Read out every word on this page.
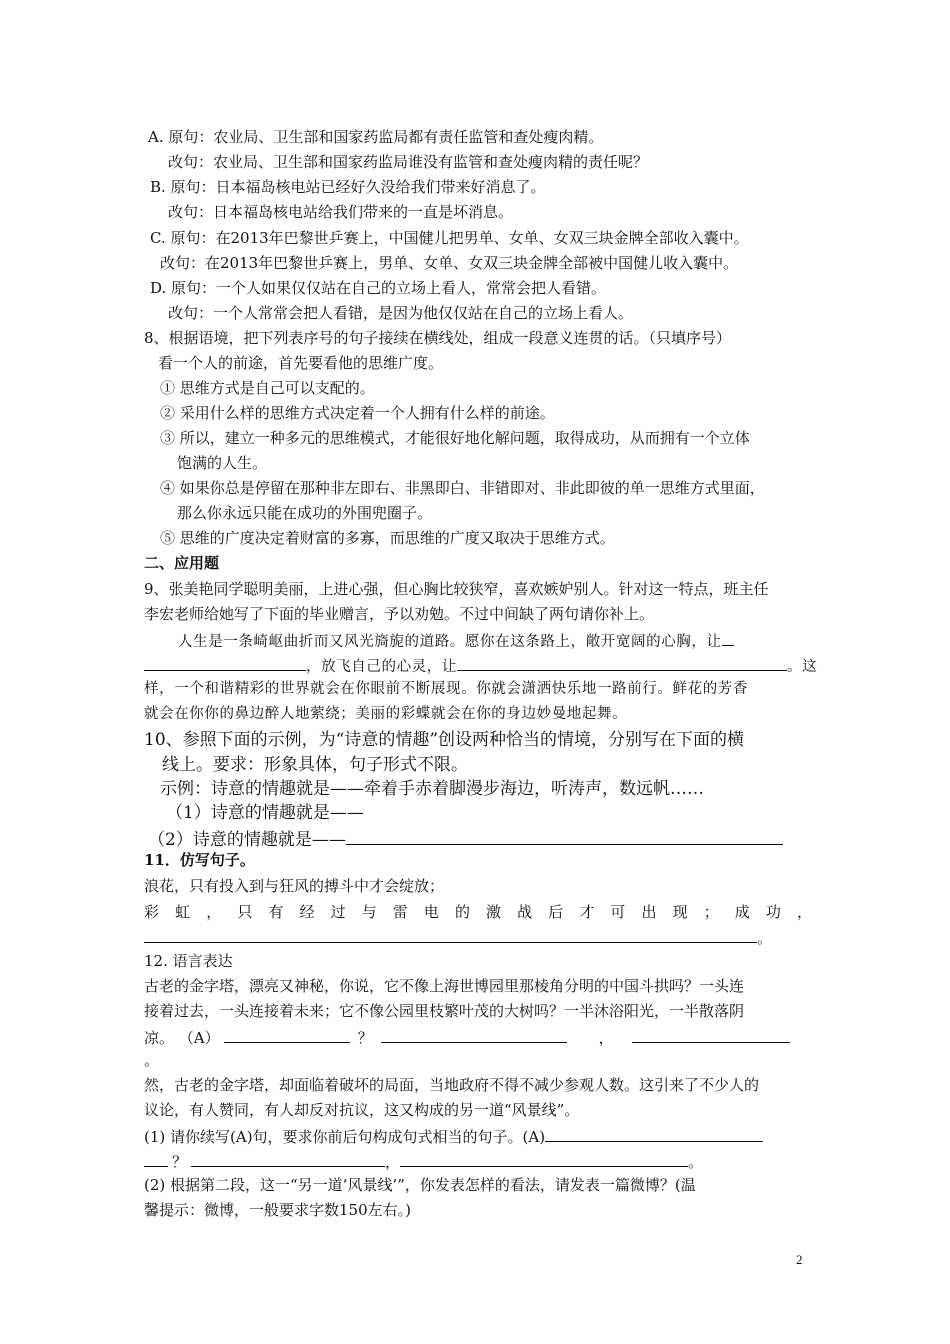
A. 原句：农业局、卫生部和国家药监局都有责任监管和查处瘦肉精。
改句：农业局、卫生部和国家药监局谁没有监管和查处瘦肉精的责任呢？
B. 原句：日本福岛核电站已经好久没给我们带来好消息了。
改句：日本福岛核电站给我们带来的一直是坏消息。
C. 原句：在2013年巴黎世乒赛上，中国健儿把男单、女单、女双三块金牌全部收入囊中。
改句：在2013年巴黎世乒赛上，男单、女单、女双三块金牌全部被中国健儿收入囊中。
D. 原句：一个人如果仅仅站在自己的立场上看人，常常会把人看错。
改句：一个人常常会把人看错，是因为他仅仅站在自己的立场上看人。
8、根据语境，把下列表序号的句子接续在横线处，组成一段意义连贯的话。（只填序号）
看一个人的前途，首先要看他的思维广度。
① 思维方式是自己可以支配的。
② 采用什么样的思维方式决定着一个人拥有什么样的前途。
③ 所以，建立一种多元的思维模式，才能很好地化解问题，取得成功，从而拥有一个立体
饱满的人生。
④ 如果你总是停留在那种非左即右、非黑即白、非错即对、非此即彼的单一思维方式里面，
那么你永远只能在成功的外围兜圈子。
⑤ 思维的广度决定着财富的多寡，而思维的广度又取决于思维方式。
二、应用题
9、张美艳同学聪明美丽，上进心强，但心胸比较狭窄，喜欢嫉妒别人。针对这一特点，班主任
李宏老师给她写了下面的毕业赠言，予以劝勉。不过中间缺了两句请你补上。
人生是一条崎岖曲折而又风光旖旎的道路。愿你在这条路上，敞开宽阔的心胸，让
，放飞自己的心灵，让	。这
样，一个和谐精彩的世界就会在你眼前不断展现。你就会潇洒快乐地一路前行。鲜花的芳香
就会在你你的鼻边醉人地萦绕；美丽的彩蝶就会在你的身边妙曼地起舞。
10、参照下面的示例，为“诗意的情趣”创设两种恰当的情境，分别写在下面的横
线上。要求：形象具体，句子形式不限。
示例：诗意的情趣就是——牵着手赤着脚漫步海边，听涛声，数远帆……
（1）诗意的情趣就是——
（2）诗意的情趣就是——
11．仿写句子。
浪花，只有投入到与狂风的搏斗中才会绽放；
彩 虹 ， 只 有 经 过 与 雷 电 的 激 战 后 才 可 出 现 ； 成 功 ，
。
12. 语言表达
古老的金字塔，漂亮又神秘，你说，它不像上海世博园里那棱角分明的中国斗拱吗？一头连
接着过去，一头连接着未来；它不像公园里枝繁叶茂的大树吗？一半沐浴阳光，一半散落阴
凉。 （A）	？	，
。
然，古老的金字塔，却面临着破坏的局面，当地政府不得不减少参观人数。这引来了不少人的
议论，有人赞同，有人却反对抗议，这又构成的另一道“风景线”。
(1) 请你续写(A)句，要求你前后句构成句式相当的句子。(A)
？	，	。
(2) 根据第二段，这一“另一道‘风景线’”，你发表怎样的看法，请发表一篇微博？(温
馨提示：微博，一般要求字数150左右。)
2
